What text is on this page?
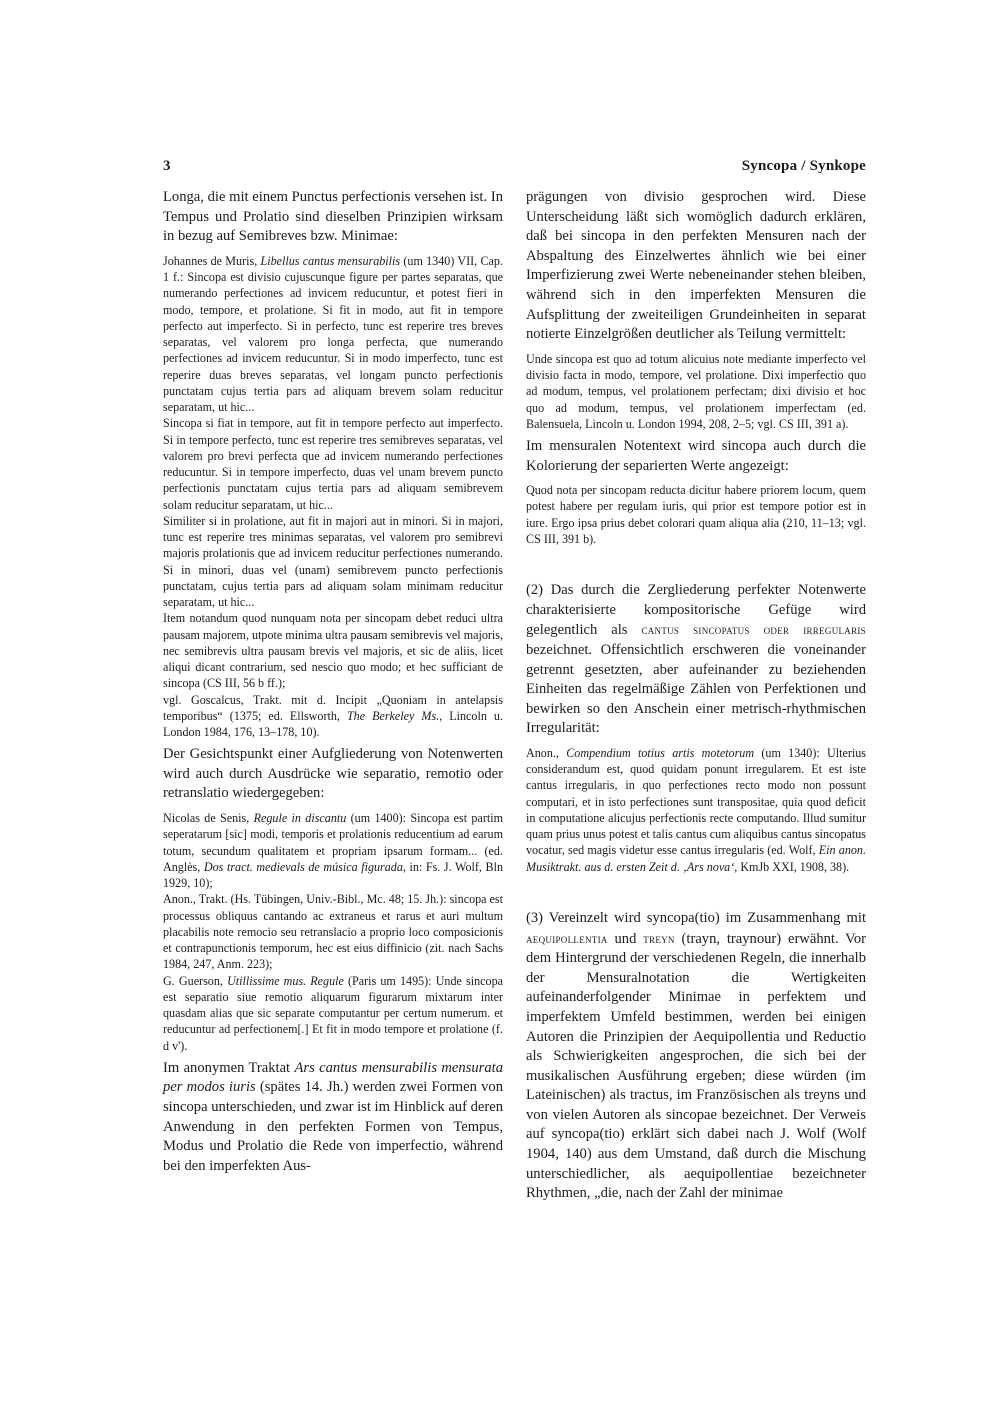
3	Syncopa / Synkope

Longa, die mit einem Punctus perfectionis versehen ist. In Tempus und Prolatio sind dieselben Prinzipien wirksam in bezug auf Semibreves bzw. Minimae:

Johannes de Muris, Libellus cantus mensurabilis (um 1340) VII, Cap. 1 f.: Sincopa est divisio cujuscunque figure per partes separatas, que numerando perfectiones ad invicem reducuntur, et potest fieri in modo, tempore, et prolatione. Si fit in modo, aut fit in tempore perfecto aut imperfecto. Si in perfecto, tunc est reperire tres breves separatas, vel valorem pro longa perfecta, que numerando perfectiones ad invicem reducuntur. Si in modo imperfecto, tunc est reperire duas breves separatas, vel longam puncto perfectionis punctatam cujus tertia pars ad aliquam brevem solam reducitur separatam, ut hic...

Sincopa si fiat in tempore, aut fit in tempore perfecto aut imperfecto. Si in tempore perfecto, tunc est reperire tres semibreves separatas, vel valorem pro brevi perfecta que ad invicem numerando perfectiones reducuntur. Si in tempore imperfecto, duas vel unam brevem puncto perfectionis punctatam cujus tertia pars ad aliquam semibrevem solam reducitur separatam, ut hic...

Similiter si in prolatione, aut fit in majori aut in minori. Si in majori, tunc est reperire tres minimas separatas, vel valorem pro semibrevi majoris prolationis que ad invicem reducitur perfectiones numerando. Si in minori, duas vel (unam) semibrevem puncto perfectionis punctatam, cujus tertia pars ad aliquam solam minimam reducitur separatam, ut hic...

Item notandum quod nunquam nota per sincopam debet reduci ultra pausam majorem, utpote minima ultra pausam semibrevis vel majoris, nec semibrevis ultra pausam brevis vel majoris, et sic de aliis, licet aliqui dicant contrarium, sed nescio quo modo; et hec sufficiant de sincopa (CS III, 56 b ff.);

vgl. Goscalcus, Trakt. mit d. Incipit „Quoniam in antelapsis temporibus“ (1375; ed. Ellsworth, The Berkeley Ms., Lincoln u. London 1984, 176, 13–178, 10).

Der Gesichtspunkt einer Aufgliederung von Notenwerten wird auch durch Ausdrücke wie separatio, remotio oder retranslatio wiedergegeben:

Nicolas de Senis, Regule in discantu (um 1400): Sincopa est partim seperatarum [sic] modi, temporis et prolationis reducentium ad earum totum, secundum qualitatem et propriam ipsarum formam... (ed. Anglès, Dos tract. medievals de música figurada, in: Fs. J. Wolf, Bln 1929, 10);

Anon., Trakt. (Hs. Tübingen, Univ.-Bibl., Mc. 48; 15. Jh.): sincopa est processus obliquus cantando ac extraneus et rarus et auri multum placabilis note remocio seu retranslacio a proprio loco composicionis et contrapunctionis temporum, hec est eius diffinicio (zit. nach Sachs 1984, 247, Anm. 223);

G. Guerson, Utillissime mus. Regule (Paris um 1495): Unde sincopa est separatio siue remotio aliquarum figurarum mixtarum inter quasdam alias que sic separate computantur per certum numerum. et reducuntur ad perfectionem[.] Et fit in modo tempore et prolatione (f. d v').

Im anonymen Traktat Ars cantus mensurabilis mensurata per modos iuris (spätes 14. Jh.) werden zwei Formen von sincopa unterschieden, und zwar ist im Hinblick auf deren Anwendung in den perfekten Formen von Tempus, Modus und Prolatio die Rede von imperfectio, während bei den imperfekten Aus-

prägungen von divisio gesprochen wird. Diese Unterscheidung läßt sich womöglich dadurch erklären, daß bei sincopa in den perfekten Mensuren nach der Abspaltung des Einzelwertes ähnlich wie bei einer Imperfizierung zwei Werte nebeneinander stehen bleiben, während sich in den imperfekten Mensuren die Aufsplittung der zweiteiligen Grundeinheiten in separat notierte Einzelgrößen deutlicher als Teilung vermittelt:

Unde sincopa est quo ad totum alicuius note mediante imperfecto vel divisio facta in modo, tempore, vel prolatione. Dixi imperfectio quo ad modum, tempus, vel prolationem perfectam; dixi divisio et hoc quo ad modum, tempus, vel prolationem imperfectam (ed. Balensuela, Lincoln u. London 1994, 208, 2–5; vgl. CS III, 391 a).

Im mensuralen Notentext wird sincopa auch durch die Kolorierung der separierten Werte angezeigt:

Quod nota per sincopam reducta dicitur habere priorem locum, quem potest habere per regulam iuris, qui prior est tempore potior est in iure. Ergo ipsa prius debet colorari quam aliqua alia (210, 11–13; vgl. CS III, 391 b).

(2) Das durch die Zergliederung perfekter Notenwerte charakterisierte kompositorische Gefüge wird gelegentlich als cantus sincopatus oder irregularis bezeichnet. Offensichtlich erschweren die voneinander getrennt gesetzten, aber aufeinander zu beziehenden Einheiten das regelmäßige Zählen von Perfektionen und bewirken so den Anschein einer metrisch-rhythmischen Irregularität:

Anon., Compendium totius artis motetorum (um 1340): Ulterius considerandum est, quod quidam ponunt irregularem. Et est iste cantus irregularis, in quo perfectiones recto modo non possunt computari, et in isto perfectiones sunt transpositae, quia quod deficit in computatione alicujus perfectionis recte computando. Illud sumitur quam prius unus potest et talis cantus cum aliquibus cantus sincopatus vocatur, sed magis videtur esse cantus irregularis (ed. Wolf, Ein anon. Musiktrakt. aus d. ersten Zeit d. ‚Ars nova‘, KmJb XXI, 1908, 38).

(3) Vereinzelt wird syncopa(tio) im Zusammenhang mit aequipollentia und treyn (trayn, traynour) erwähnt. Vor dem Hintergrund der verschiedenen Regeln, die innerhalb der Mensuralnotation die Wertigkeiten aufeinanderfolgender Minimae in perfektem und imperfektem Umfeld bestimmen, werden bei einigen Autoren die Prinzipien der Aequipollentia und Reductio als Schwierigkeiten angesprochen, die sich bei der musikalischen Ausführung ergeben; diese würden (im Lateinischen) als tractus, im Französischen als treyns und von vielen Autoren als sincopae bezeichnet. Der Verweis auf syncopa(tio) erklärt sich dabei nach J. Wolf (Wolf 1904, 140) aus dem Umstand, daß durch die Mischung unterschiedlicher, als aequipollentiae bezeichneter Rhythmen, „die, nach der Zahl der minimae
